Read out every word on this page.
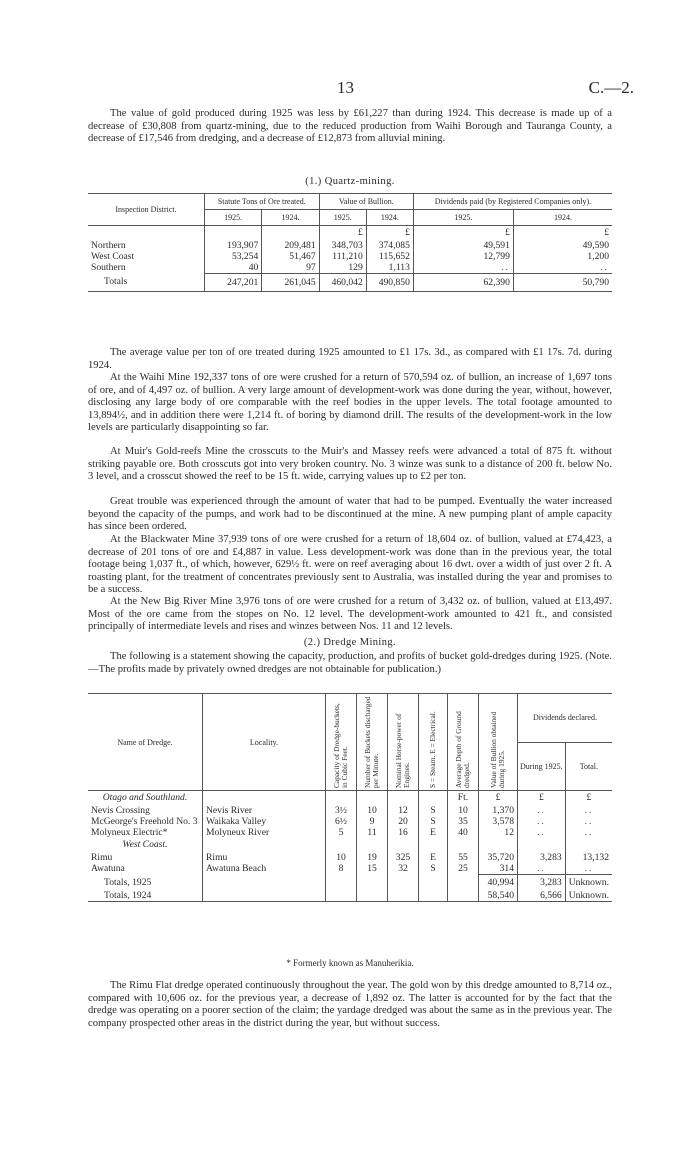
13	C.—2.

The value of gold produced during 1925 was less by £61,227 than during 1924. This decrease is made up of a decrease of £30,808 from quartz-mining, due to the reduced production from Waihi Borough and Tauranga County, a decrease of £17,546 from dredging, and a decrease of £12,873 from alluvial mining.

(1.) Quartz-mining.
Inspection District.	Statute Tons of Ore treated.		Value of Bullion.		Dividends paid (by Registered Companies only).	
	1925.	1924.	1925.	1924.	1925.	1924.
			£	£	£	£
Northern	193,907	209,481	348,703	374,085	49,591	49,590
West Coast	53,254	51,467	111,210	115,652	12,799	1,200
Southern	40	97	129	1,113	..	..
Totals	247,201	261,045	460,042	490,850	62,390	50,790

The average value per ton of ore treated during 1925 amounted to £1 17s. 3d., as compared with £1 17s. 7d. during 1924.

At the Waihi Mine 192,337 tons of ore were crushed for a return of 570,594 oz. of bullion, an increase of 1,697 tons of ore, and of 4,497 oz. of bullion. A very large amount of development-work was done during the year, without, however, disclosing any large body of ore comparable with the reef bodies in the upper levels. The total footage amounted to 13,894½, and in addition there were 1,214 ft. of boring by diamond drill. The results of the development-work in the low levels are particularly disappointing so far.

At Muir's Gold-reefs Mine the crosscuts to the Muir's and Massey reefs were advanced a total of 875 ft. without striking payable ore. Both crosscuts got into very broken country. No. 3 winze was sunk to a distance of 200 ft. below No. 3 level, and a crosscut showed the reef to be 15 ft. wide, carrying values up to £2 per ton.

Great trouble was experienced through the amount of water that had to be pumped. Eventually the water increased beyond the capacity of the pumps, and work had to be discontinued at the mine. A new pumping plant of ample capacity has since been ordered.

At the Blackwater Mine 37,939 tons of ore were crushed for a return of 18,604 oz. of bullion, valued at £74,423, a decrease of 201 tons of ore and £4,887 in value. Less development-work was done than in the previous year, the total footage being 1,037 ft., of which, however, 629½ ft. were on reef averaging about 16 dwt. over a width of just over 2 ft. A roasting plant, for the treatment of concentrates previously sent to Australia, was installed during the year and promises to be a success.

At the New Big River Mine 3,976 tons of ore were crushed for a return of 3,432 oz. of bullion, valued at £13,497. Most of the ore came from the stopes on No. 12 level. The development-work amounted to 421 ft., and consisted principally of intermediate levels and rises and winzes between Nos. 11 and 12 levels.

(2.) Dredge Mining.

The following is a statement showing the capacity, production, and profits of bucket gold-dredges during 1925. (Note.—The profits made by privately owned dredges are not obtainable for publication.)

Name of Dredge.	Locality.	Capacity of Dredge-buckets, in Cubic Feet.	Number of Buckets discharged per Minute.	Nominal Horse-power of Engines.	S = Steam. E = Electrical.	Average Depth of Ground dredged.	Value of Bullion obtained during 1925.	Dividends declared.	
								During 1925.	Total.
Otago and Southland.						Ft.	£	£	£
Nevis Crossing	Nevis River	3½	10	12	S	10	1,370	..	..
McGeorge's Freehold No. 3	Waikaka Valley	6½	9	20	S	35	3,578	..	..
Molyneux Electric*	Molyneux River	5	11	16	E	40	12	..	..
West Coast.									
Rimu	Rimu	10	19	325	E	55	35,720	3,283	13,132
Awatuna	Awatuna Beach	8	15	32	S	25	314	..	..
Totals, 1925							40,994	3,283	Unknown.
Totals, 1924							58,540	6,566	Unknown.
* Formerly known as Manuherikia.

The Rimu Flat dredge operated continuously throughout the year. The gold won by this dredge amounted to 8,714 oz., compared with 10,606 oz. for the previous year, a decrease of 1,892 oz. The latter is accounted for by the fact that the dredge was operating on a poorer section of the claim; the yardage dredged was about the same as in the previous year. The company prospected other areas in the district during the year, but without success.
